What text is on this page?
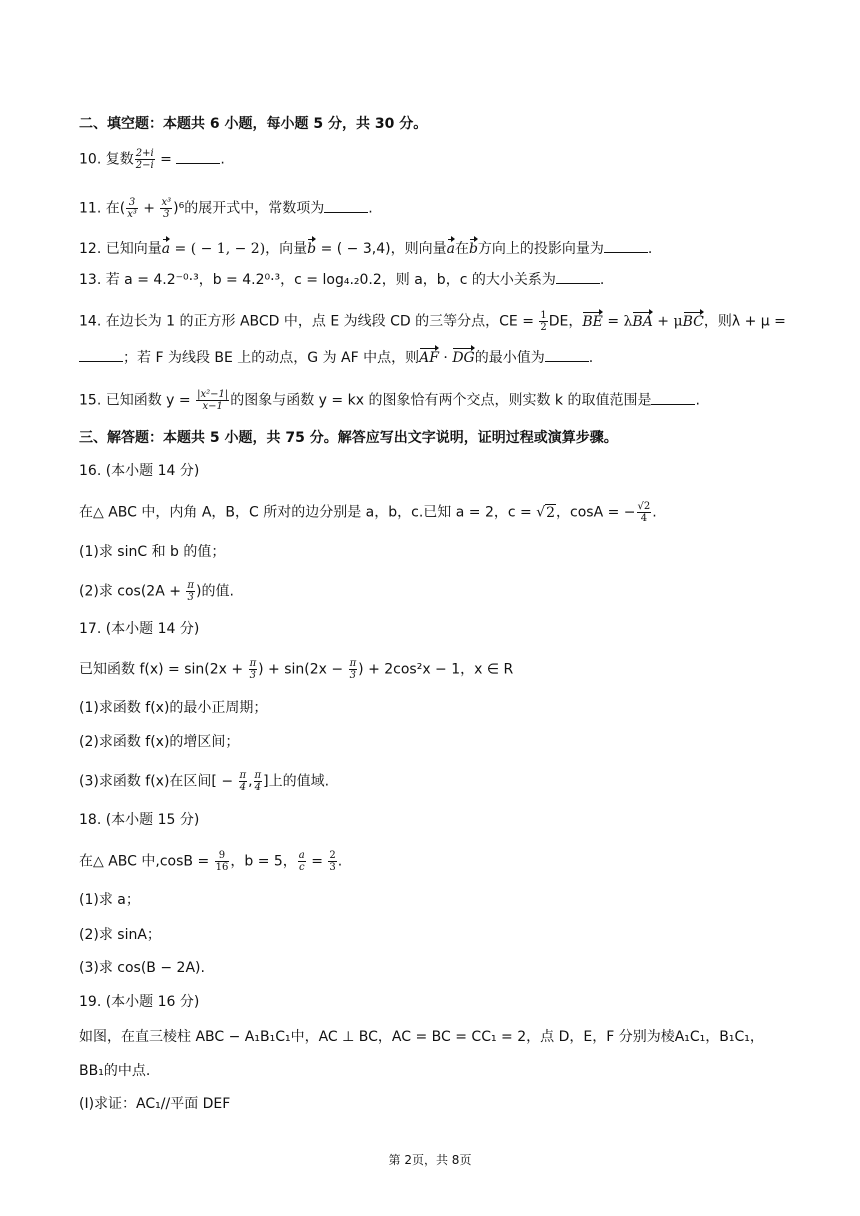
二、填空题：本题共 6 小题，每小题 5 分，共 30 分。
10. 复数 $\frac{2+i}{2-i}$ =	.
11. 在( $\frac{3}{\text{x³}} + \frac{\text{x³}}{3} )^6$的展开式中，常数项为	.
12. 已知向量a = ( − 1, − 2)，向量b = ( − 3,4)，则向量a在b方向上的投影向量为	.
13. 若 a = 4.2⁻⁰·³，b = 4.2⁰·³，c = log₄.₂0.2，则 a，b，c 的大小关系为	.
14. 在边长为 1 的正方形 ABCD 中，点 E 为线段 CD 的三等分点，CE = $\frac{1}{2}$ DE，BE = λBA + μBC，则λ + μ =
；若 F 为线段 BE 上的动点，G 为 AF 中点，则AF · DG的最小值为	.
15. 已知函数 $y = \frac{\text{|x²−1|}}{x-1}$ 的图象与函数 y = kx 的图象恰有两个交点，则实数 k 的取值范围是	.
三、解答题：本题共 5 小题，共 75 分。解答应写出文字说明，证明过程或演算步骤。
16. (本小题 14 分)
在△ ABC 中，内角 A，B，C 所对的边分别是 a，b，c.已知 a = 2，c = √2，cosA = − $\frac{√2}{4}$ .
(1)求 sinC 和 b 的值；
(2)求 $\cos(2A + \frac{\pi}{3}$ )的值.
17. (本小题 14 分)
已知函数 $f(x) = \sin(2x + \frac{\pi}{3}$ ) + $\sin(2x - \frac{\pi}{3}$ ) + 2cos²x − 1，x ∈ R
(1)求函数 f(x)的最小正周期；
(2)求函数 f(x)的增区间；
(3)求函数 f(x)在区间[ − $\frac{\pi}{4}$ , $\frac{\pi}{4}$ ]上的值域.
18. (本小题 15 分)
在△ ABC 中$,\cos B = \frac{9}{16}$ ，b = 5， $\frac{a}{c} = \frac{2}{3}$ .
(1)求 a；
(2)求 sinA；
(3)求 cos(B − 2A).
19. (本小题 16 分)
如图，在直三棱柱 ABC − A₁B₁C₁中，AC ⊥ BC，AC = BC = CC₁ = 2，点 D，E，F 分别为棱A₁C₁，B₁C₁，
BB₁的中点.
(Ⅰ)求证：AC₁//平面 DEF
第 2页，共 8页
